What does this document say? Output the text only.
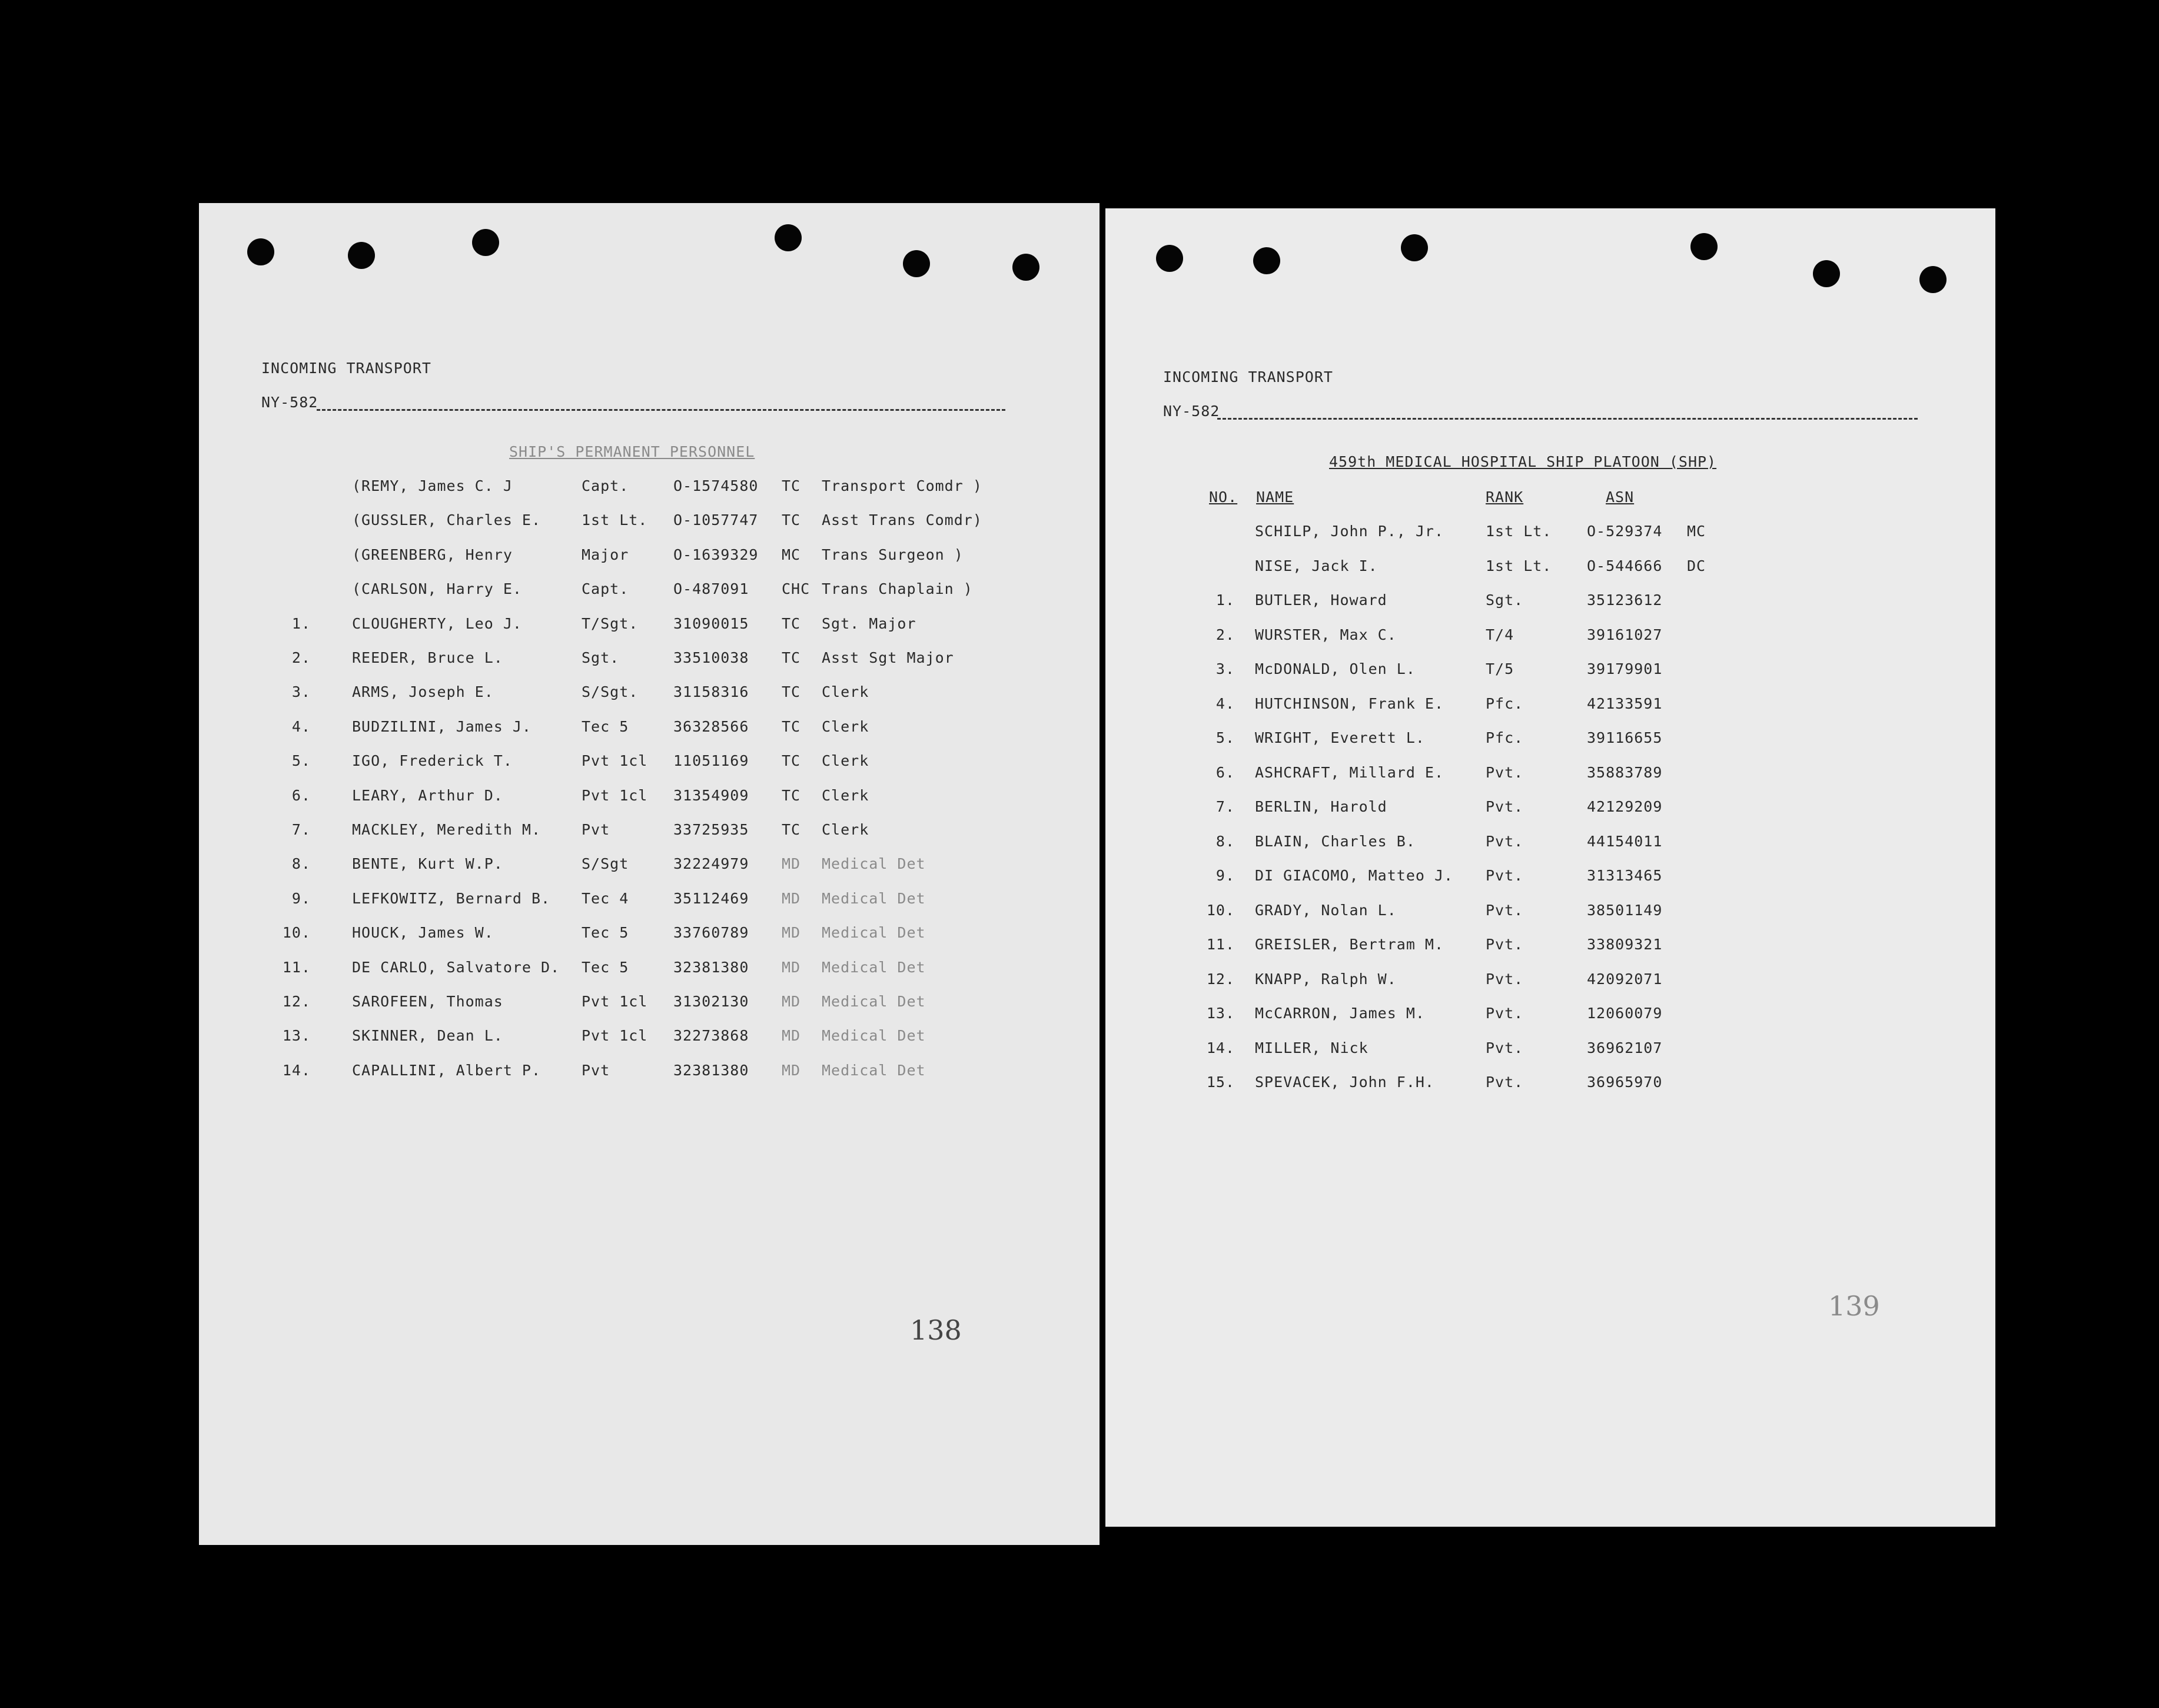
INCOMING TRANSPORT
NY-582
SHIP'S PERMANENT PERSONNEL
(REMY, James C. J	Capt.	O-1574580 TC Transport Comdr )
(GUSSLER, Charles E.	1st Lt. O-1057747 TC Asst Trans Comdr)
(GREENBERG, Henry	Major	O-1639329 MC Trans Surgeon )
(CARLSON, Harry E.	Capt.	O-487091 CHC Trans Chaplain )
1.	CLOUGHERTY, Leo J.	T/Sgt. 31090015 TC Sgt. Major
2.	REEDER, Bruce L.	Sgt.	33510038 TC Asst Sgt Major
3.	ARMS, Joseph E.	S/Sgt. 31158316 TC Clerk
4.	BUDZILINI, James J.	Tec 5	36328566 TC Clerk
5.	IGO, Frederick T.	Pvt 1cl 11051169 TC Clerk
6.	LEARY, Arthur D.	Pvt 1cl 31354909 TC Clerk
7.	MACKLEY, Meredith M.	Pvt	33725935 TC Clerk
8.	BENTE, Kurt W.P.	S/Sgt	32224979 MD Medical Det
9.	LEFKOWITZ, Bernard B. Tec 4	35112469 MD Medical Det
10.	HOUCK, James W.	Tec 5	33760789 MD Medical Det
11.	DE CARLO, Salvatore D. Tec 5	32381380 MD Medical Det
12.	SAROFEEN, Thomas	Pvt 1cl 31302130 MD Medical Det
13.	SKINNER, Dean L.	Pvt 1cl 32273868 MD Medical Det
14.	CAPALLINI, Albert P.	Pvt	32381380 MD Medical Det
138
INCOMING TRANSPORT
NY-582
459th MEDICAL HOSPITAL SHIP PLATOON (SHP)
NO. NAME	RANK	ASN
SCHILP, John P., Jr.	1st Lt. O-529374 MC
NISE, Jack I.	1st Lt. O-544666 DC
1. BUTLER, Howard	Sgt.	35123612
2. WURSTER, Max C.	T/4	39161027
3. McDONALD, Olen L.	T/5	39179901
4. HUTCHINSON, Frank E.	Pfc.	42133591
5. WRIGHT, Everett L.	Pfc.	39116655
6. ASHCRAFT, Millard E.	Pvt.	35883789
7. BERLIN, Harold	Pvt.	42129209
8. BLAIN, Charles B.	Pvt.	44154011
9. DI GIACOMO, Matteo J. Pvt.	31313465
10. GRADY, Nolan L.	Pvt.	38501149
11. GREISLER, Bertram M.	Pvt.	33809321
12. KNAPP, Ralph W.	Pvt.	42092071
13. McCARRON, James M.	Pvt.	12060079
14. MILLER, Nick	Pvt.	36962107
15. SPEVACEK, John F.H.	Pvt.	36965970
139
